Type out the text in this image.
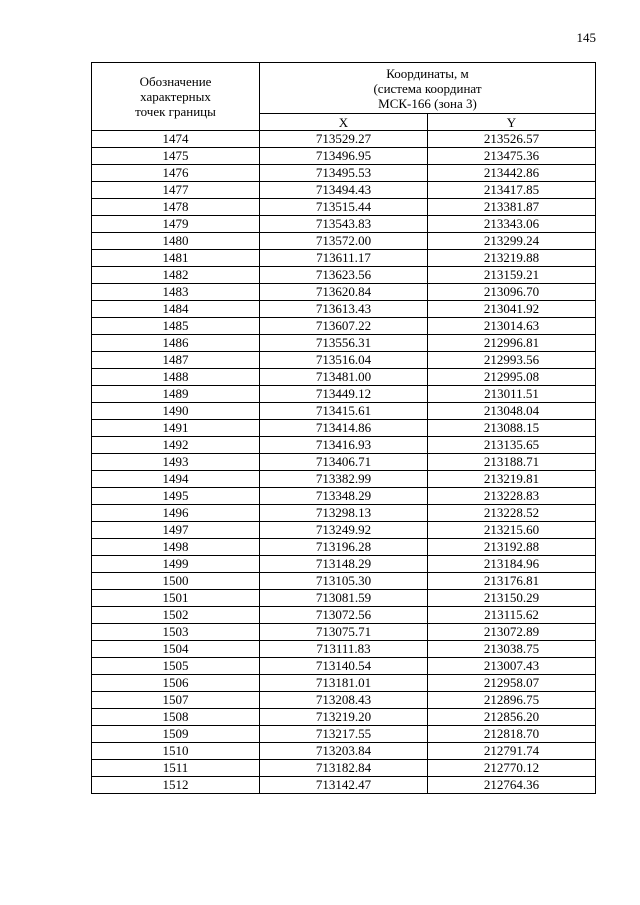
145
Обозначение
характерных
точек границы	Координаты, м
(система координат
МСК-166 (зона 3)	

	X	Y
1474	713529.27	213526.57
1475	713496.95	213475.36
1476	713495.53	213442.86
1477	713494.43	213417.85
1478	713515.44	213381.87
1479	713543.83	213343.06
1480	713572.00	213299.24
1481	713611.17	213219.88
1482	713623.56	213159.21
1483	713620.84	213096.70
1484	713613.43	213041.92
1485	713607.22	213014.63
1486	713556.31	212996.81
1487	713516.04	212993.56
1488	713481.00	212995.08
1489	713449.12	213011.51
1490	713415.61	213048.04
1491	713414.86	213088.15
1492	713416.93	213135.65
1493	713406.71	213188.71
1494	713382.99	213219.81
1495	713348.29	213228.83
1496	713298.13	213228.52
1497	713249.92	213215.60
1498	713196.28	213192.88
1499	713148.29	213184.96
1500	713105.30	213176.81
1501	713081.59	213150.29
1502	713072.56	213115.62
1503	713075.71	213072.89
1504	713111.83	213038.75
1505	713140.54	213007.43
1506	713181.01	212958.07
1507	713208.43	212896.75
1508	713219.20	212856.20
1509	713217.55	212818.70
1510	713203.84	212791.74
1511	713182.84	212770.12
1512	713142.47	212764.36
